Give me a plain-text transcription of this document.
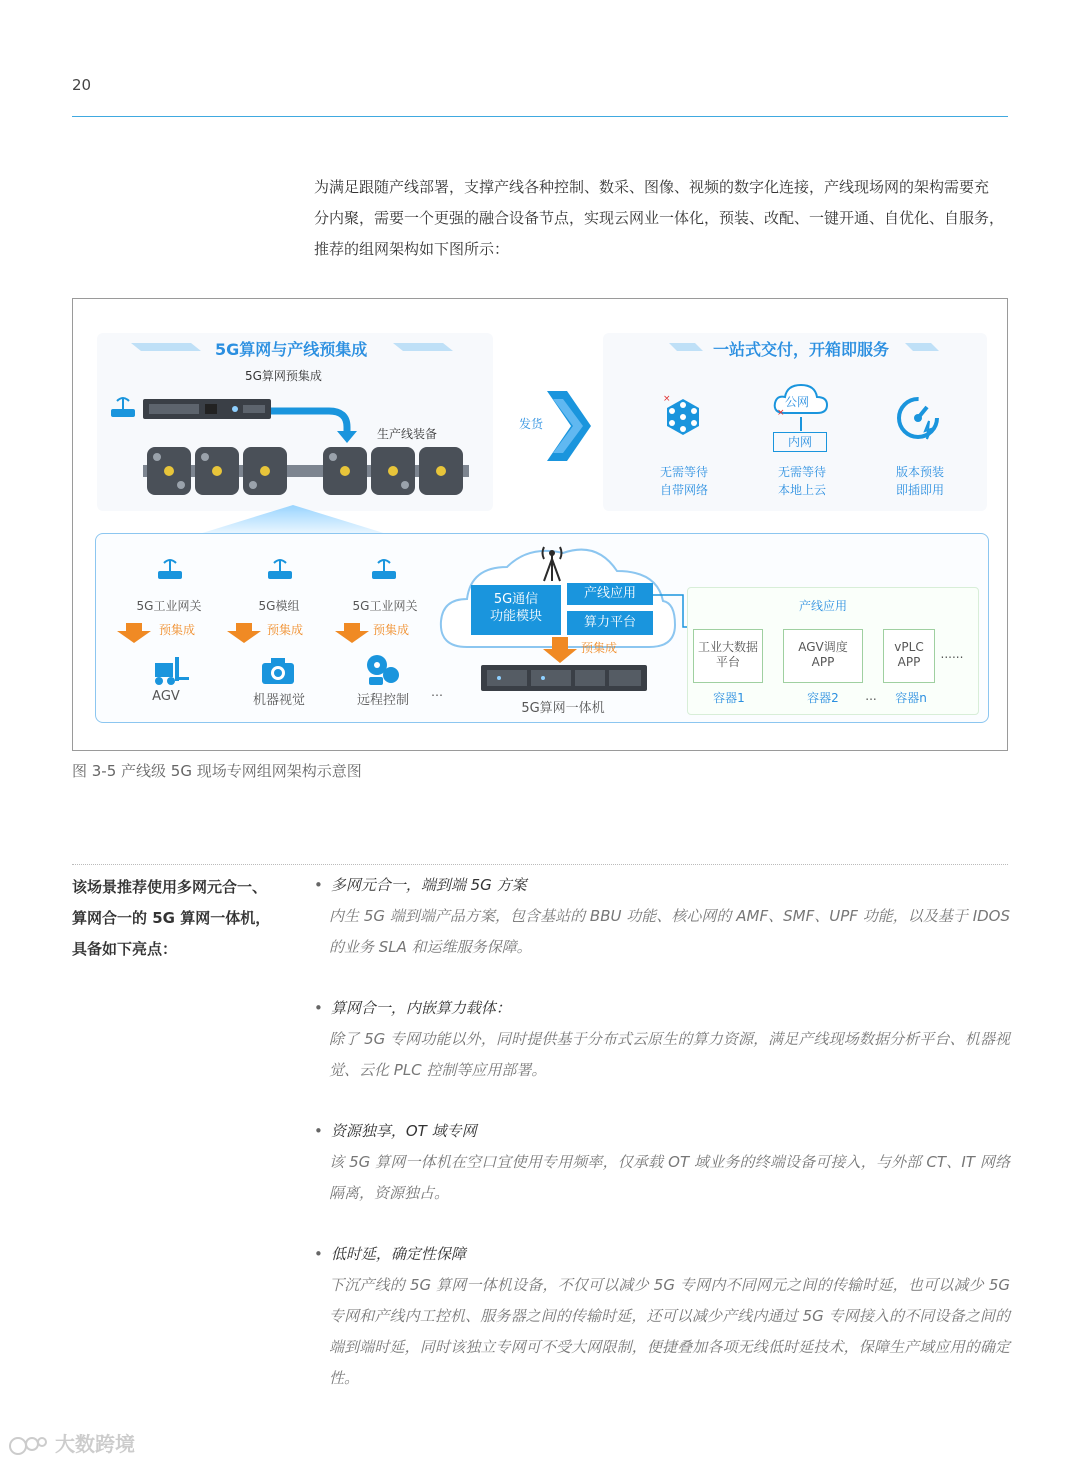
20
为满足跟随产线部署，支撑产线各种控制、数采、图像、视频的数字化连接，产线现场网的架构需要充
分内聚，需要一个更强的融合设备节点，实现云网业一体化，预装、改配、一键开通、自优化、自服务，
推荐的组网架构如下图所示：
5G算网与产线预集成	一站式交付，开箱即服务
5G算网预集成
生产线装备
发货
×
无需等待
自带网络
×
公网
内网
无需等待
本地上云
版本预装
即插即用
5G工业网关
预集成
AGV
5G模组
预集成
机器视觉
5G工业网关
预集成
远程控制
…
5G通信
功能模块
产线应用
算力平台
预集成
5G算网一体机
产线应用
工业大数据
平台
容器1
AGV调度
APP
容器2	...
vPLC
APP
容器n
......
图 3-5 产线级 5G 现场专网组网架构示意图
该场景推荐使用多网元合一、
算网合一的 5G 算网一体机，
具备如下亮点：
• 多网元合一，端到端 5G 方案
内生 5G 端到端产品方案，包含基站的 BBU 功能、核心网的 AMF、SMF、UPF 功能，以及基于 IDOS 的业务 SLA 和运维服务保障。
• 算网合一，内嵌算力载体：
除了 5G 专网功能以外，同时提供基于分布式云原生的算力资源，满足产线现场数据分析平台、机器视觉、云化 PLC 控制等应用部署。
• 资源独享，OT 域专网
该 5G 算网一体机在空口宜使用专用频率，仅承载 OT 域业务的终端设备可接入，与外部 CT、IT 网络隔离，资源独占。
• 低时延，确定性保障
下沉产线的 5G 算网一体机设备，不仅可以减少 5G 专网内不同网元之间的传输时延，也可以减少 5G 专网和产线内工控机、服务器之间的传输时延，还可以减少产线内通过 5G 专网接入的不同设备之间的端到端时延，同时该独立专网可不受大网限制，便捷叠加各项无线低时延技术，保障生产域应用的确定性。
大数跨境
